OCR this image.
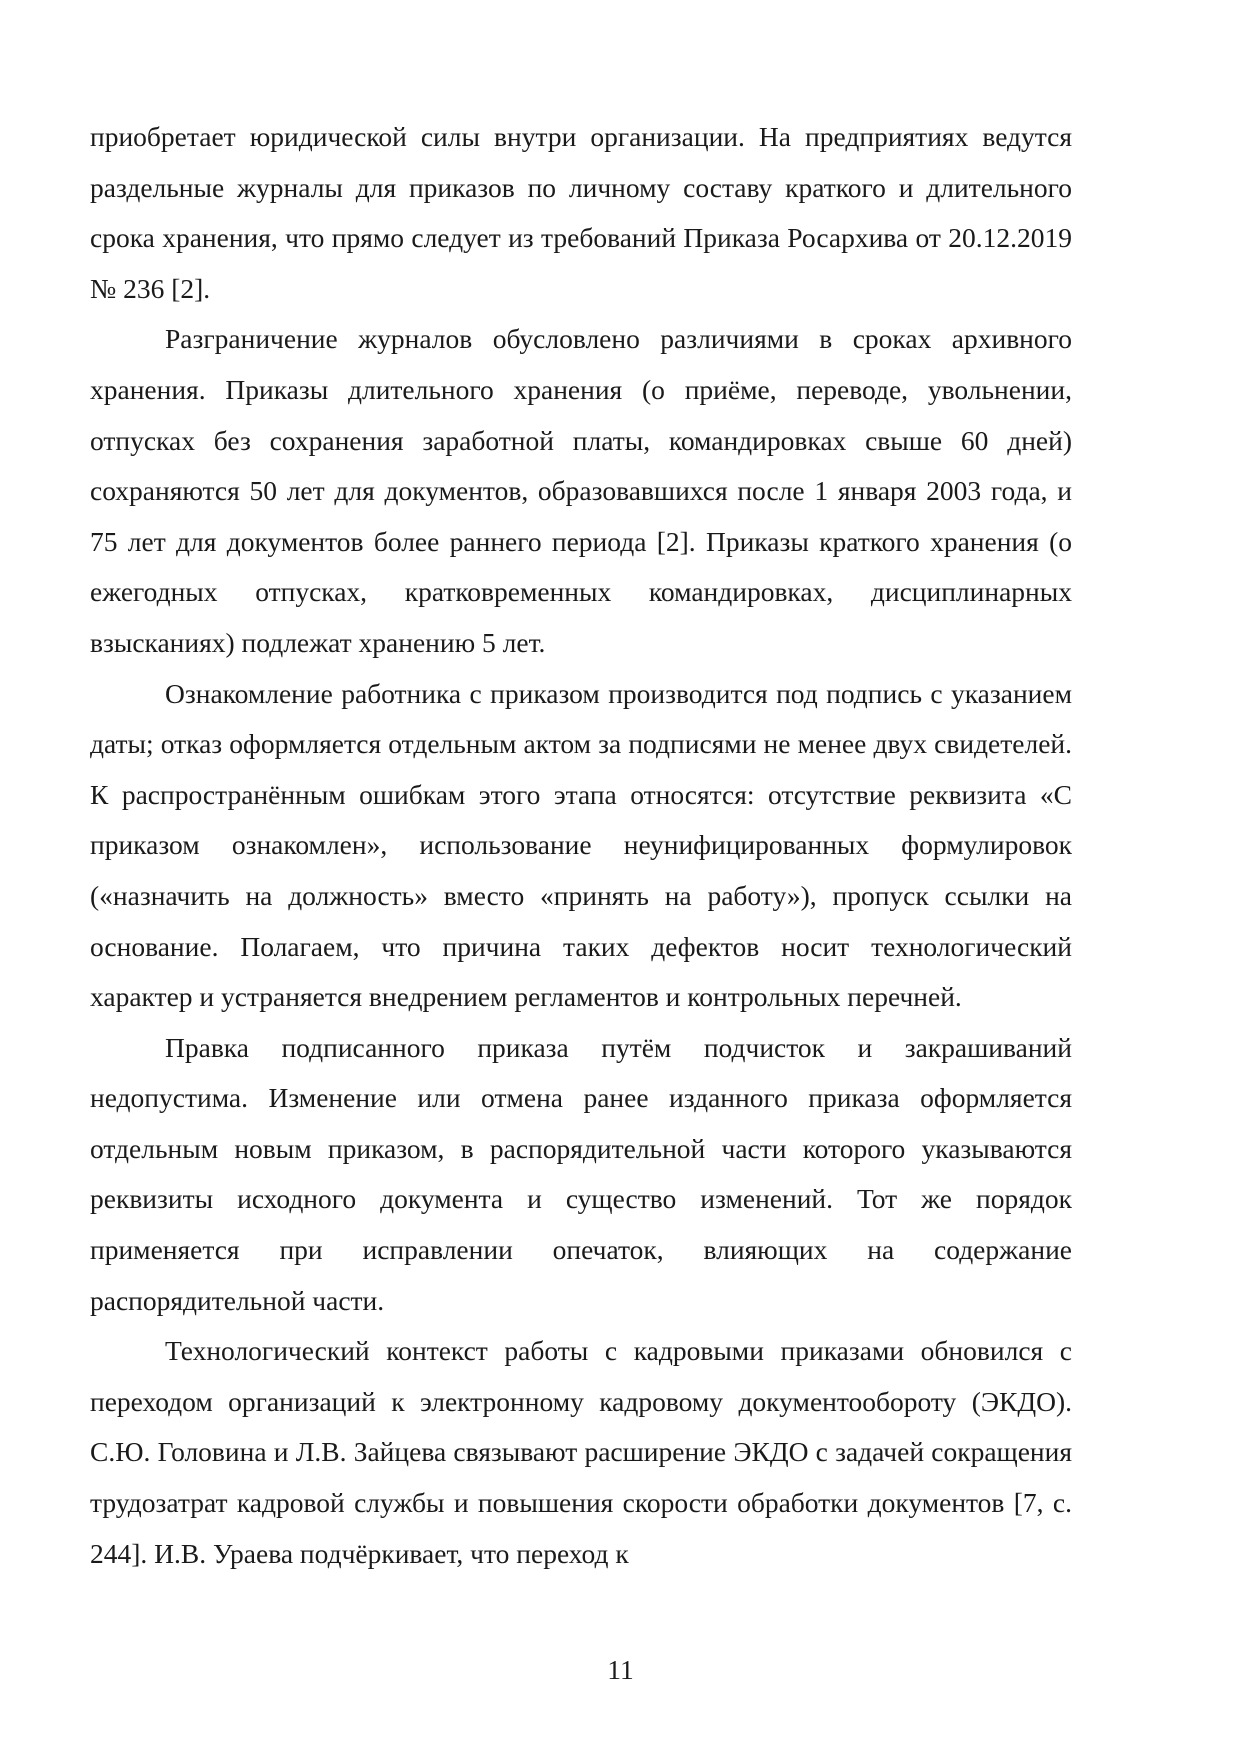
приобретает юридической силы внутри организации. На предприятиях ведутся раздельные журналы для приказов по личному составу краткого и длительного срока хранения, что прямо следует из требований Приказа Росархива от 20.12.2019 № 236 [2].

Разграничение журналов обусловлено различиями в сроках архивного хранения. Приказы длительного хранения (о приёме, переводе, увольнении, отпусках без сохранения заработной платы, командировках свыше 60 дней) сохраняются 50 лет для документов, образовавшихся после 1 января 2003 года, и 75 лет для документов более раннего периода [2]. Приказы краткого хранения (о ежегодных отпусках, кратковременных командировках, дисциплинарных взысканиях) подлежат хранению 5 лет.

Ознакомление работника с приказом производится под подпись с указанием даты; отказ оформляется отдельным актом за подписями не менее двух свидетелей. К распространённым ошибкам этого этапа относятся: отсутствие реквизита «С приказом ознакомлен», использование неунифицированных формулировок («назначить на должность» вместо «принять на работу»), пропуск ссылки на основание. Полагаем, что причина таких дефектов носит технологический характер и устраняется внедрением регламентов и контрольных перечней.

Правка подписанного приказа путём подчисток и закрашиваний недопустима. Изменение или отмена ранее изданного приказа оформляется отдельным новым приказом, в распорядительной части которого указываются реквизиты исходного документа и существо изменений. Тот же порядок применяется при исправлении опечаток, влияющих на содержание распорядительной части.

Технологический контекст работы с кадровыми приказами обновился с переходом организаций к электронному кадровому документообороту (ЭКДО). С.Ю. Головина и Л.В. Зайцева связывают расширение ЭКДО с задачей сокращения трудозатрат кадровой службы и повышения скорости обработки документов [7, с. 244]. И.В. Ураева подчёркивает, что переход к

11
